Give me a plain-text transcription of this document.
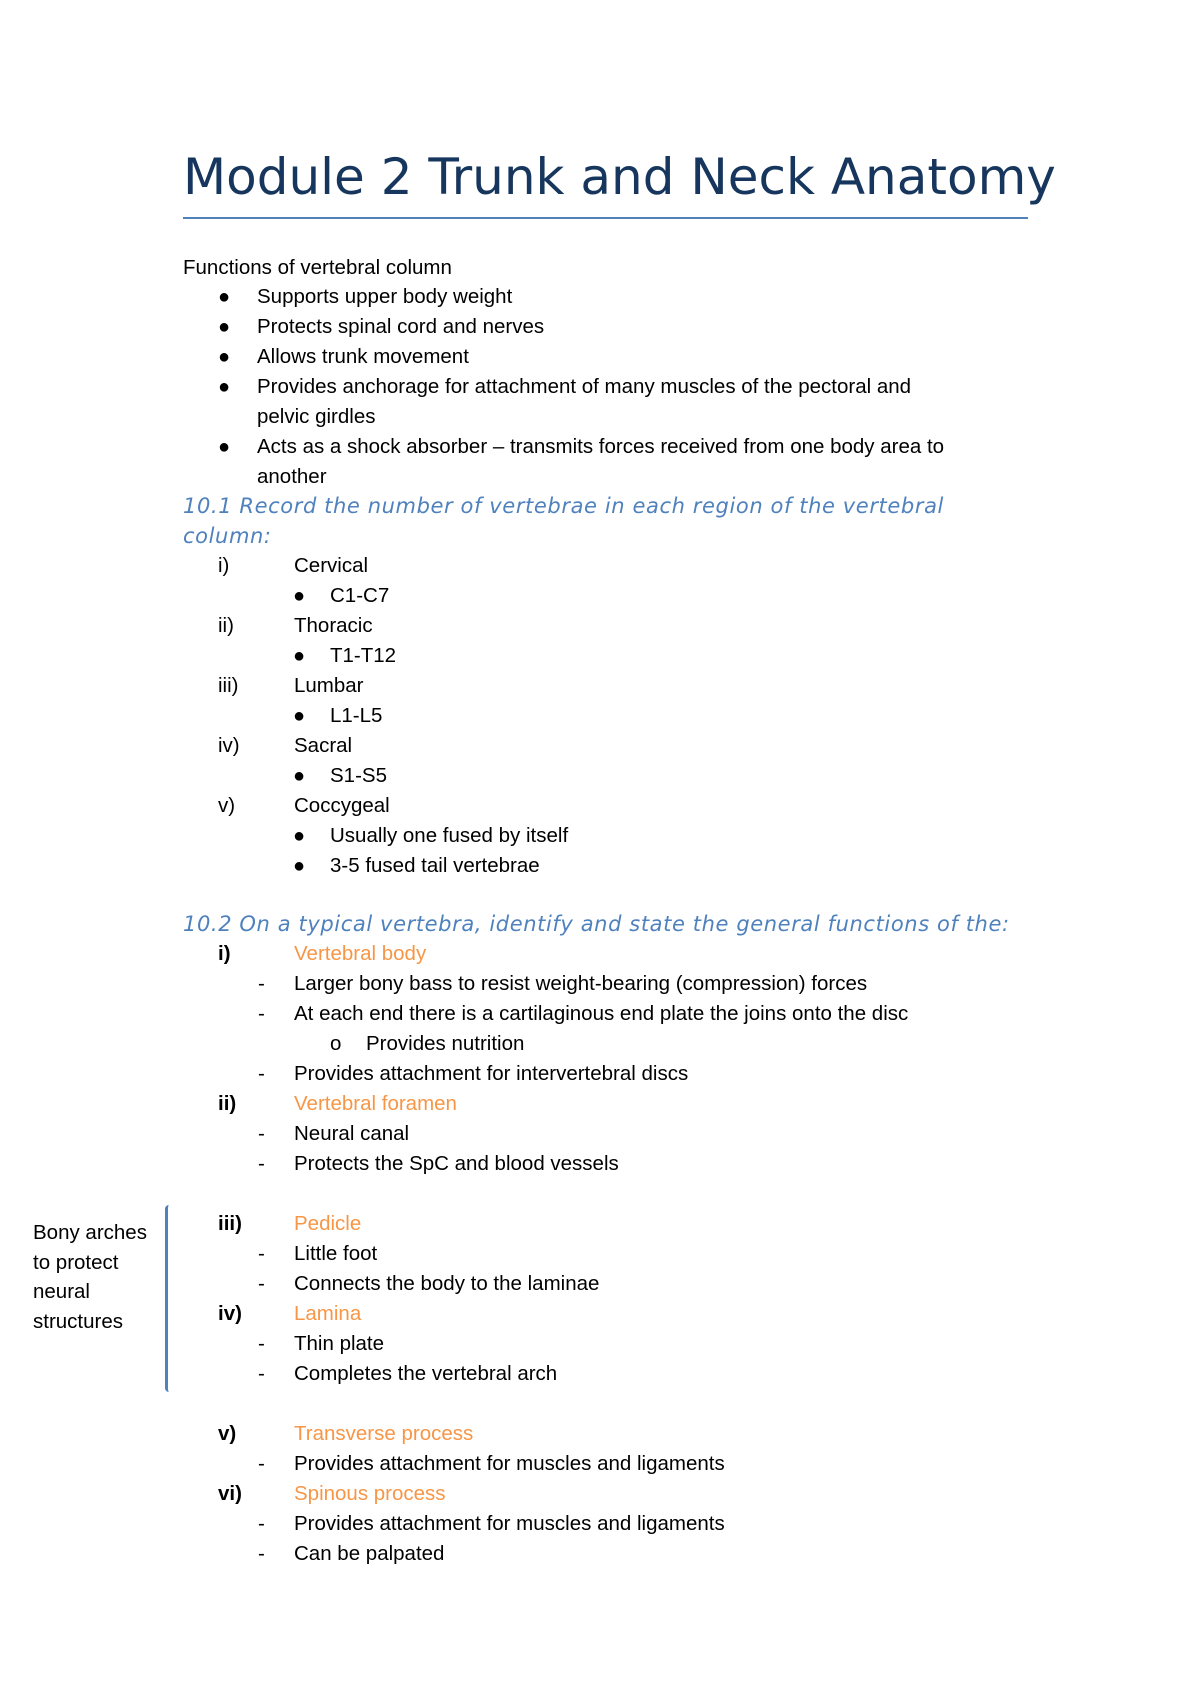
Module 2 Trunk and Neck Anatomy
Functions of vertebral column
● Supports upper body weight
● Protects spinal cord and nerves
● Allows trunk movement
● Provides anchorage for attachment of many muscles of the pectoral and
pelvic girdles
● Acts as a shock absorber – transmits forces received from one body area to
another
10.1 Record the number of vertebrae in each region of the vertebral
column:
i)	Cervical
● C1-C7
ii)	Thoracic
● T1-T12
iii)	Lumbar
● L1-L5
iv)	Sacral
● S1-S5
v)	Coccygeal
● Usually one fused by itself
● 3-5 fused tail vertebrae
10.2 On a typical vertebra, identify and state the general functions of the:
i)	Vertebral body
- Larger bony bass to resist weight-bearing (compression) forces
- At each end there is a cartilaginous end plate the joins onto the disc
o Provides nutrition
- Provides attachment for intervertebral discs
ii)	Vertebral foramen
- Neural canal
- Protects the SpC and blood vessels
Bony arches to protect neural structures
iii)	Pedicle
- Little foot
- Connects the body to the laminae
iv)	Lamina
- Thin plate
- Completes the vertebral arch
v)	Transverse process
- Provides attachment for muscles and ligaments
vi)	Spinous process
- Provides attachment for muscles and ligaments
- Can be palpated
